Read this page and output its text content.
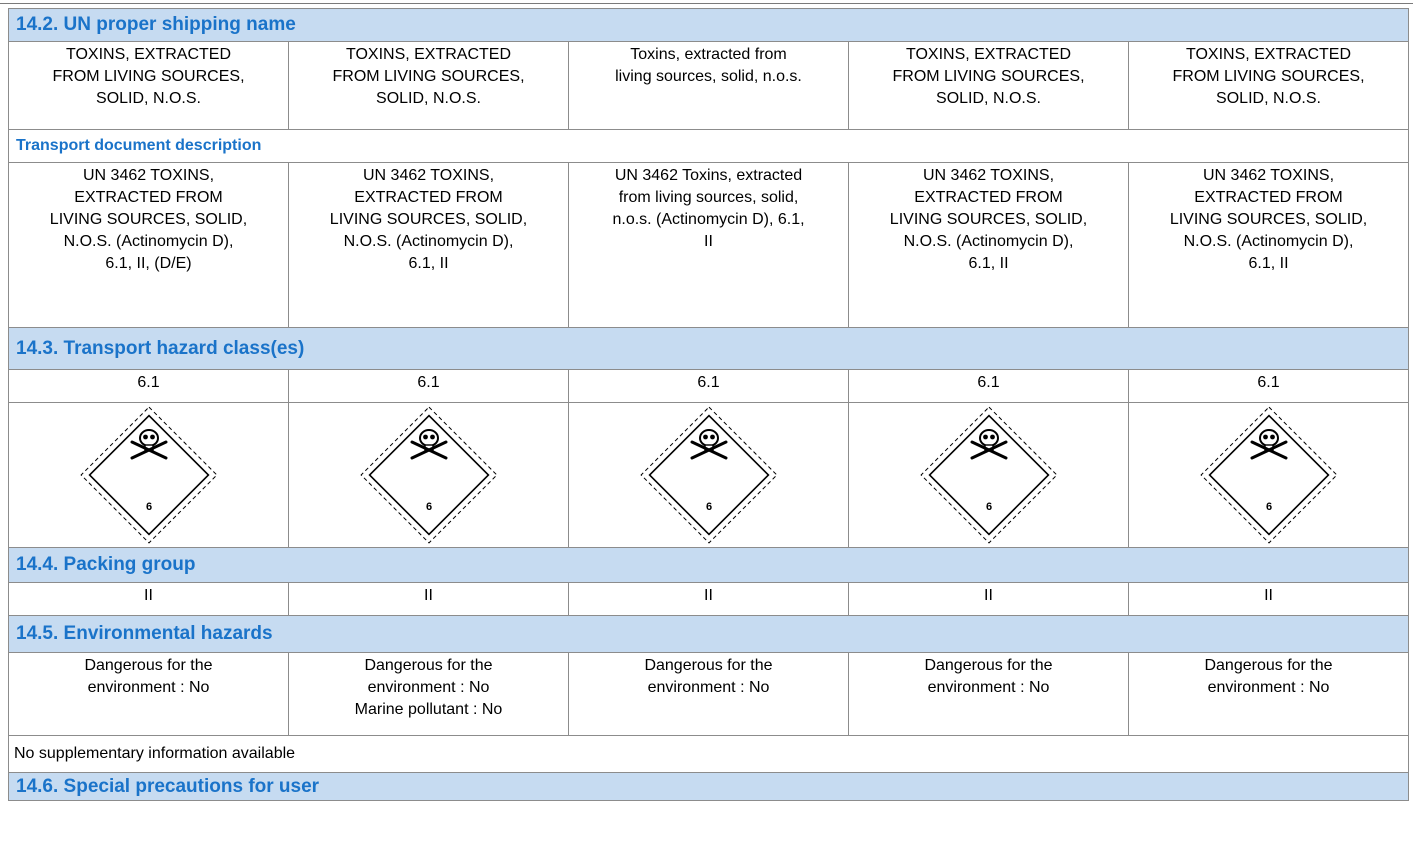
14.2. UN proper shipping name				
TOXINS, EXTRACTED
FROM LIVING SOURCES,
SOLID, N.O.S.	TOXINS, EXTRACTED
FROM LIVING SOURCES,
SOLID, N.O.S.	Toxins, extracted from
living sources, solid, n.o.s.	TOXINS, EXTRACTED
FROM LIVING SOURCES,
SOLID, N.O.S.	TOXINS, EXTRACTED
FROM LIVING SOURCES,
SOLID, N.O.S.
Transport document description				
UN 3462 TOXINS,
EXTRACTED FROM
LIVING SOURCES, SOLID,
N.O.S. (Actinomycin D),
6.1, II, (D/E)	UN 3462 TOXINS,
EXTRACTED FROM
LIVING SOURCES, SOLID,
N.O.S. (Actinomycin D),
6.1, II	UN 3462 Toxins, extracted
from living sources, solid,
n.o.s. (Actinomycin D), 6.1,
II	UN 3462 TOXINS,
EXTRACTED FROM
LIVING SOURCES, SOLID,
N.O.S. (Actinomycin D),
6.1, II	UN 3462 TOXINS,
EXTRACTED FROM
LIVING SOURCES, SOLID,
N.O.S. (Actinomycin D),
6.1, II
14.3. Transport hazard class(es)				
6.1	6.1	6.1	6.1	6.1

14.4. Packing group				
II	II	II	II	II
14.5. Environmental hazards				
Dangerous for the
environment : No	Dangerous for the
environment : No
Marine pollutant : No	Dangerous for the
environment : No	Dangerous for the
environment : No	Dangerous for the
environment : No
No supplementary information available				
14.6. Special precautions for user				
